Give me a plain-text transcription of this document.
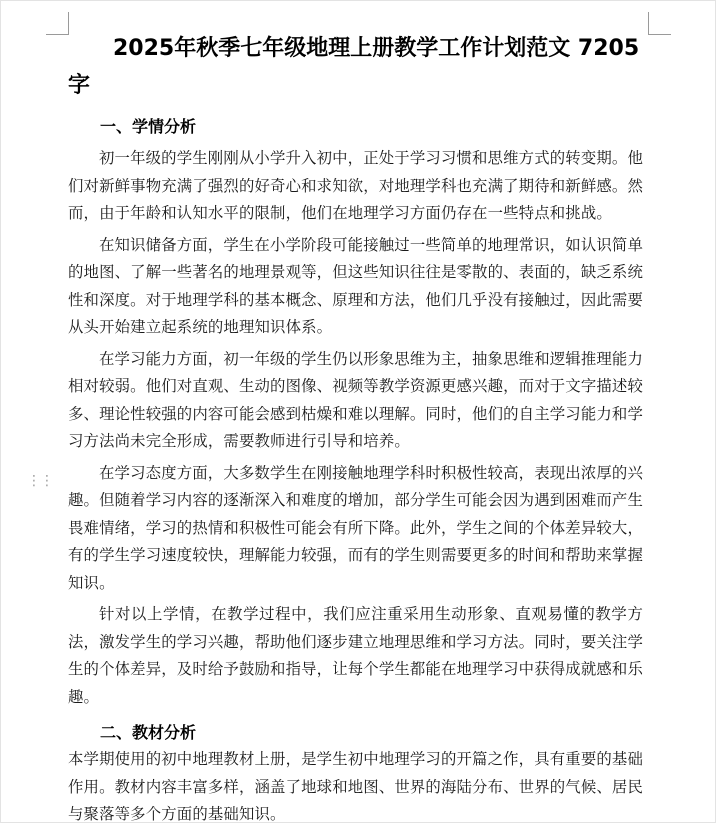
⋮⋮
2025年秋季七年级地理上册教学工作计划范文 7205字
一、学情分析

初一年级的学生刚刚从小学升入初中，正处于学习习惯和思维方式的转变期。他们对新鲜事物充满了强烈的好奇心和求知欲，对地理学科也充满了期待和新鲜感。然而，由于年龄和认知水平的限制，他们在地理学习方面仍存在一些特点和挑战。

在知识储备方面，学生在小学阶段可能接触过一些简单的地理常识，如认识简单的地图、了解一些著名的地理景观等，但这些知识往往是零散的、表面的，缺乏系统性和深度。对于地理学科的基本概念、原理和方法，他们几乎没有接触过，因此需要从头开始建立起系统的地理知识体系。

在学习能力方面，初一年级的学生仍以形象思维为主，抽象思维和逻辑推理能力相对较弱。他们对直观、生动的图像、视频等教学资源更感兴趣，而对于文字描述较多、理论性较强的内容可能会感到枯燥和难以理解。同时，他们的自主学习能力和学习方法尚未完全形成，需要教师进行引导和培养。

在学习态度方面，大多数学生在刚接触地理学科时积极性较高，表现出浓厚的兴趣。但随着学习内容的逐渐深入和难度的增加，部分学生可能会因为遇到困难而产生畏难情绪，学习的热情和积极性可能会有所下降。此外，学生之间的个体差异较大，有的学生学习速度较快，理解能力较强，而有的学生则需要更多的时间和帮助来掌握知识。

针对以上学情，在教学过程中，我们应注重采用生动形象、直观易懂的教学方法，激发学生的学习兴趣，帮助他们逐步建立地理思维和学习方法。同时，要关注学生的个体差异，及时给予鼓励和指导，让每个学生都能在地理学习中获得成就感和乐趣。

二、教材分析

本学期使用的初中地理教材上册，是学生初中地理学习的开篇之作，具有重要的基础作用。教材内容丰富多样，涵盖了地球和地图、世界的海陆分布、世界的气候、居民与聚落等多个方面的基础知识。
